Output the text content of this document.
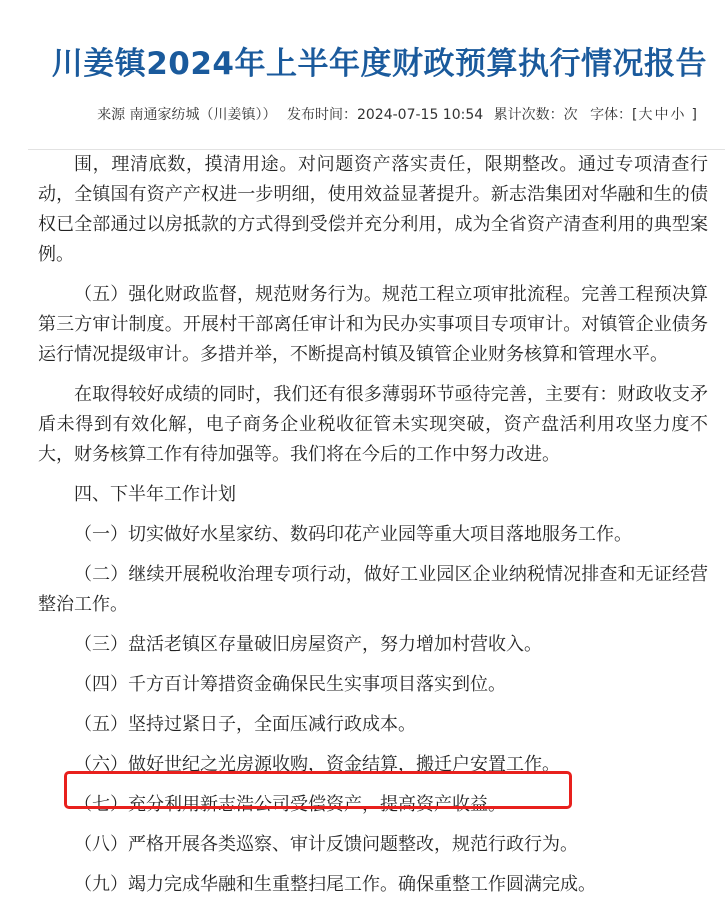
川姜镇2024年上半年度财政预算执行情况报告
来源 南通家纺城（川姜镇）） 发布时间：2024-07-15 10:54 累计次数：次 字体：[大 中 小 ]

围，理清底数，摸清用途。对问题资产落实责任，限期整改。通过专项清查行动，全镇国有资产产权进一步明细，使用效益显著提升。新志浩集团对华融和生的债权已全部通过以房抵款的方式得到受偿并充分利用，成为全省资产清查利用的典型案例。

（五）强化财政监督，规范财务行为。规范工程立项审批流程。完善工程预决算第三方审计制度。开展村干部离任审计和为民办实事项目专项审计。对镇管企业债务运行情况提级审计。多措并举，不断提高村镇及镇管企业财务核算和管理水平。

在取得较好成绩的同时，我们还有很多薄弱环节亟待完善，主要有：财政收支矛盾未得到有效化解，电子商务企业税收征管未实现突破，资产盘活利用攻坚力度不大，财务核算工作有待加强等。我们将在今后的工作中努力改进。

四、下半年工作计划

（一）切实做好水星家纺、数码印花产业园等重大项目落地服务工作。

（二）继续开展税收治理专项行动，做好工业园区企业纳税情况排查和无证经营整治工作。

（三）盘活老镇区存量破旧房屋资产，努力增加村营收入。

（四）千方百计筹措资金确保民生实事项目落实到位。

（五）坚持过紧日子，全面压减行政成本。

（六）做好世纪之光房源收购，资金结算，搬迁户安置工作。

（七）充分利用新志浩公司受偿资产，提高资产收益。

（八）严格开展各类巡察、审计反馈问题整改，规范行政行为。

（九）竭力完成华融和生重整扫尾工作。确保重整工作圆满完成。
